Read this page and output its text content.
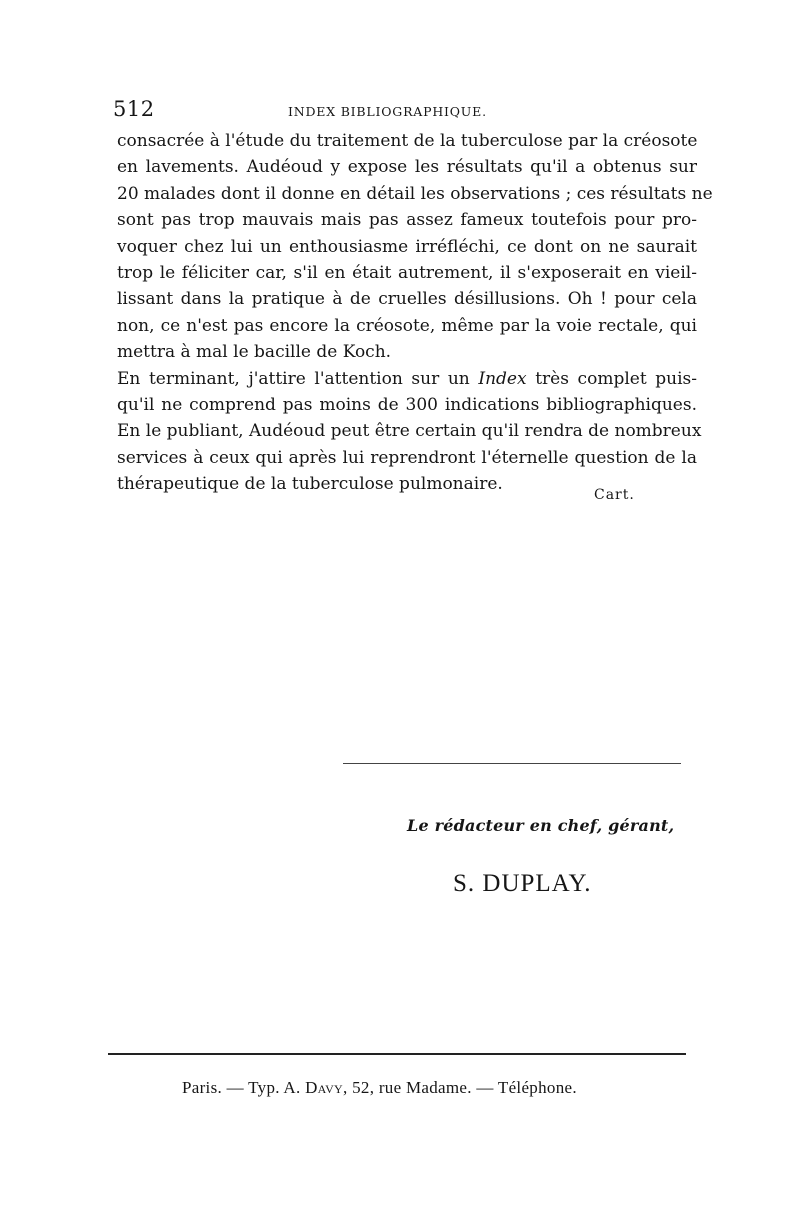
512	INDEX BIBLIOGRAPHIQUE.
consacrée à l'étude du traitement de la tuberculose par la créosote
en lavements. Audéoud y expose les résultats qu'il a obtenus sur
20 malades dont il donne en détail les observations ; ces résultats ne
sont pas trop mauvais mais pas assez fameux toutefois pour pro-
voquer chez lui un enthousiasme irréfléchi, ce dont on ne saurait
trop le féliciter car, s'il en était autrement, il s'exposerait en vieil-
lissant dans la pratique à de cruelles désillusions. Oh ! pour cela
non, ce n'est pas encore la créosote, même par la voie rectale, qui
mettra à mal le bacille de Koch.
En terminant, j'attire l'attention sur un Index très complet puis-
qu'il ne comprend pas moins de 300 indications bibliographiques.
En le publiant, Audéoud peut être certain qu'il rendra de nombreux
services à ceux qui après lui reprendront l'éternelle question de la
thérapeutique de la tuberculose pulmonaire.
Cart.
Le rédacteur en chef, gérant,
S. DUPLAY.
Paris. — Typ. A. Davy, 52, rue Madame. — Téléphone.
